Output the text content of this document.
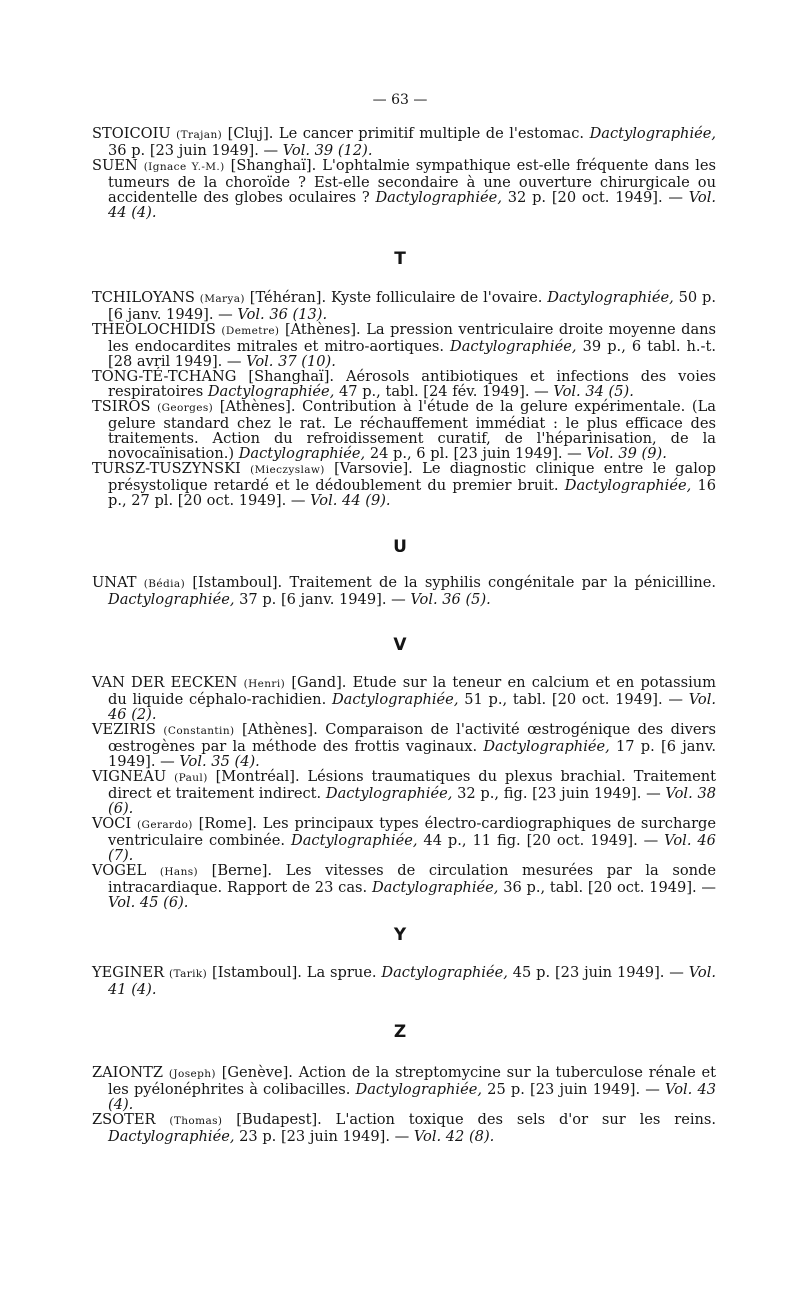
— 63 —
STOICOIU (Trajan) [Cluj]. Le cancer primitif multiple de l'estomac. Dactylographiée, 36 p. [23 juin 1949]. — Vol. 39 (12).
SUEN (Ignace Y.-M.) [Shanghaï]. L'ophtalmie sympathique est-elle fréquente dans les tumeurs de la choroïde ? Est-elle secondaire à une ouverture chirurgicale ou accidentelle des globes oculaires ? Dactylographiée, 32 p. [20 oct. 1949]. — Vol. 44 (4).
T
TCHILOYANS (Marya) [Téhéran]. Kyste folliculaire de l'ovaire. Dactylographiée, 50 p. [6 janv. 1949]. — Vol. 36 (13).
THEOLOCHIDIS (Demetre) [Athènes]. La pression ventriculaire droite moyenne dans les endocardites mitrales et mitro-aortiques. Dactylographiée, 39 p., 6 tabl. h.-t. [28 avril 1949]. — Vol. 37 (10).
TONG-TÉ-TCHANG [Shanghaï]. Aérosols antibiotiques et infections des voies respiratoires Dactylographiée, 47 p., tabl. [24 fév. 1949]. — Vol. 34 (5).
TSIROS (Georges) [Athènes]. Contribution à l'étude de la gelure expérimentale. (La gelure standard chez le rat. Le réchauffement immédiat : le plus efficace des traitements. Action du refroidissement curatif, de l'héparinisation, de la novocaïnisation.) Dactylographiée, 24 p., 6 pl. [23 juin 1949]. — Vol. 39 (9).
TURSZ-TUSZYNSKI (Mieczyslaw) [Varsovie]. Le diagnostic clinique entre le galop présystolique retardé et le dédoublement du premier bruit. Dactylographiée, 16 p., 27 pl. [20 oct. 1949]. — Vol. 44 (9).
U
UNAT (Bédia) [Istamboul]. Traitement de la syphilis congénitale par la pénicilline. Dactylographiée, 37 p. [6 janv. 1949]. — Vol. 36 (5).
V
VAN DER EECKEN (Henri) [Gand]. Etude sur la teneur en calcium et en potassium du liquide céphalo-rachidien. Dactylographiée, 51 p., tabl. [20 oct. 1949]. — Vol. 46 (2).
VEZIRIS (Constantin) [Athènes]. Comparaison de l'activité œstrogénique des divers œstrogènes par la méthode des frottis vaginaux. Dactylographiée, 17 p. [6 janv. 1949]. — Vol. 35 (4).
VIGNEAU (Paul) [Montréal]. Lésions traumatiques du plexus brachial. Traitement direct et traitement indirect. Dactylographiée, 32 p., fig. [23 juin 1949]. — Vol. 38 (6).
VOCI (Gerardo) [Rome]. Les principaux types électro-cardiographiques de surcharge ventriculaire combinée. Dactylographiée, 44 p., 11 fig. [20 oct. 1949]. — Vol. 46 (7).
VOGEL (Hans) [Berne]. Les vitesses de circulation mesurées par la sonde intracardiaque. Rapport de 23 cas. Dactylographiée, 36 p., tabl. [20 oct. 1949]. — Vol. 45 (6).
Y
YEGINER (Tarik) [Istamboul]. La sprue. Dactylographiée, 45 p. [23 juin 1949]. — Vol. 41 (4).
Z
ZAIONTZ (Joseph) [Genève]. Action de la streptomycine sur la tuberculose rénale et les pyélonéphrites à colibacilles. Dactylographiée, 25 p. [23 juin 1949]. — Vol. 43 (4).
ZSOTER (Thomas) [Budapest]. L'action toxique des sels d'or sur les reins. Dactylographiée, 23 p. [23 juin 1949]. — Vol. 42 (8).
